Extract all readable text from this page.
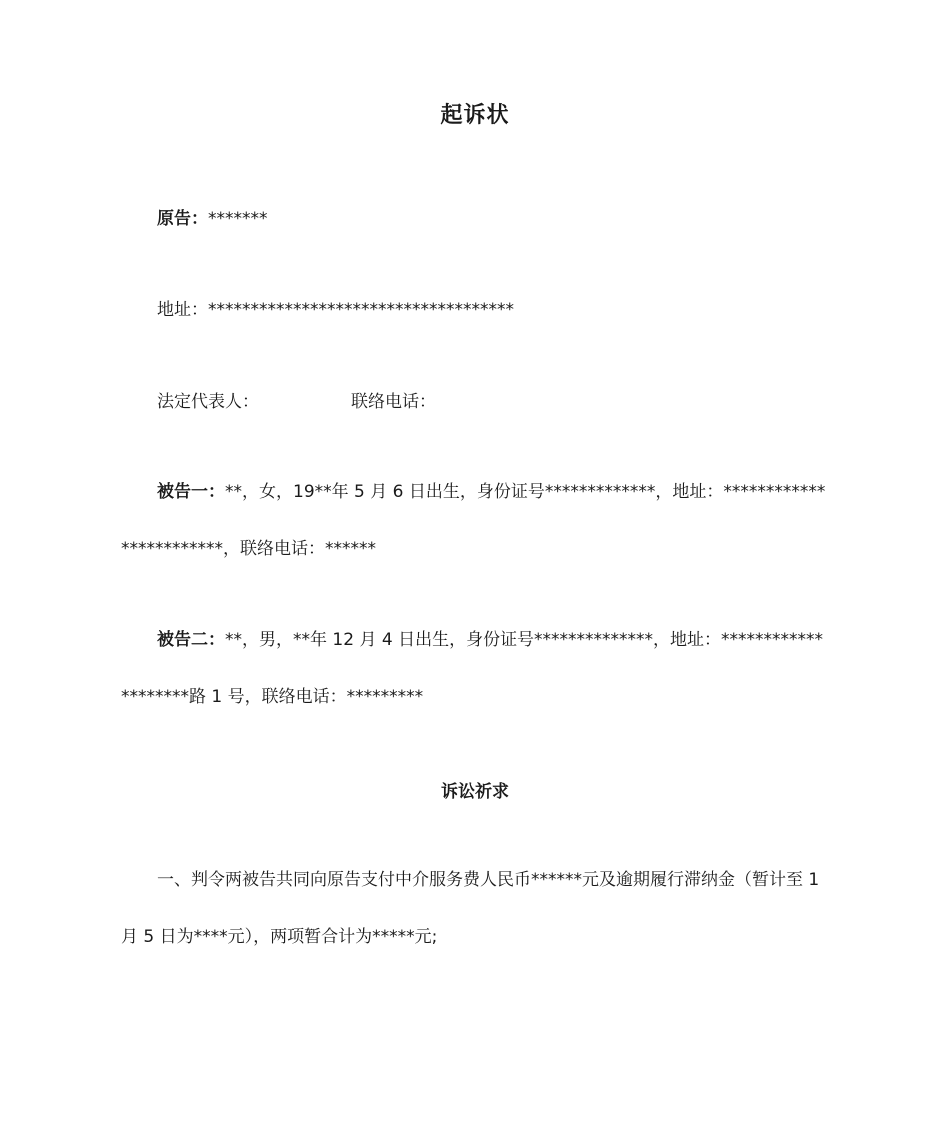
起诉状
原告：*******
地址：************************************
法定代表人：	联络电话：
被告一：**，女，19**年 5 月 6 日出生，身份证号*************，地址：************************，联络电话：******
被告二：**，男，**年 12 月 4 日出生，身份证号**************，地址：********************路 1 号，联络电话：*********
诉讼祈求
一、判令两被告共同向原告支付中介服务费人民币******元及逾期履行滞纳金（暂计至 1 月 5 日为****元），两项暂合计为*****元;
